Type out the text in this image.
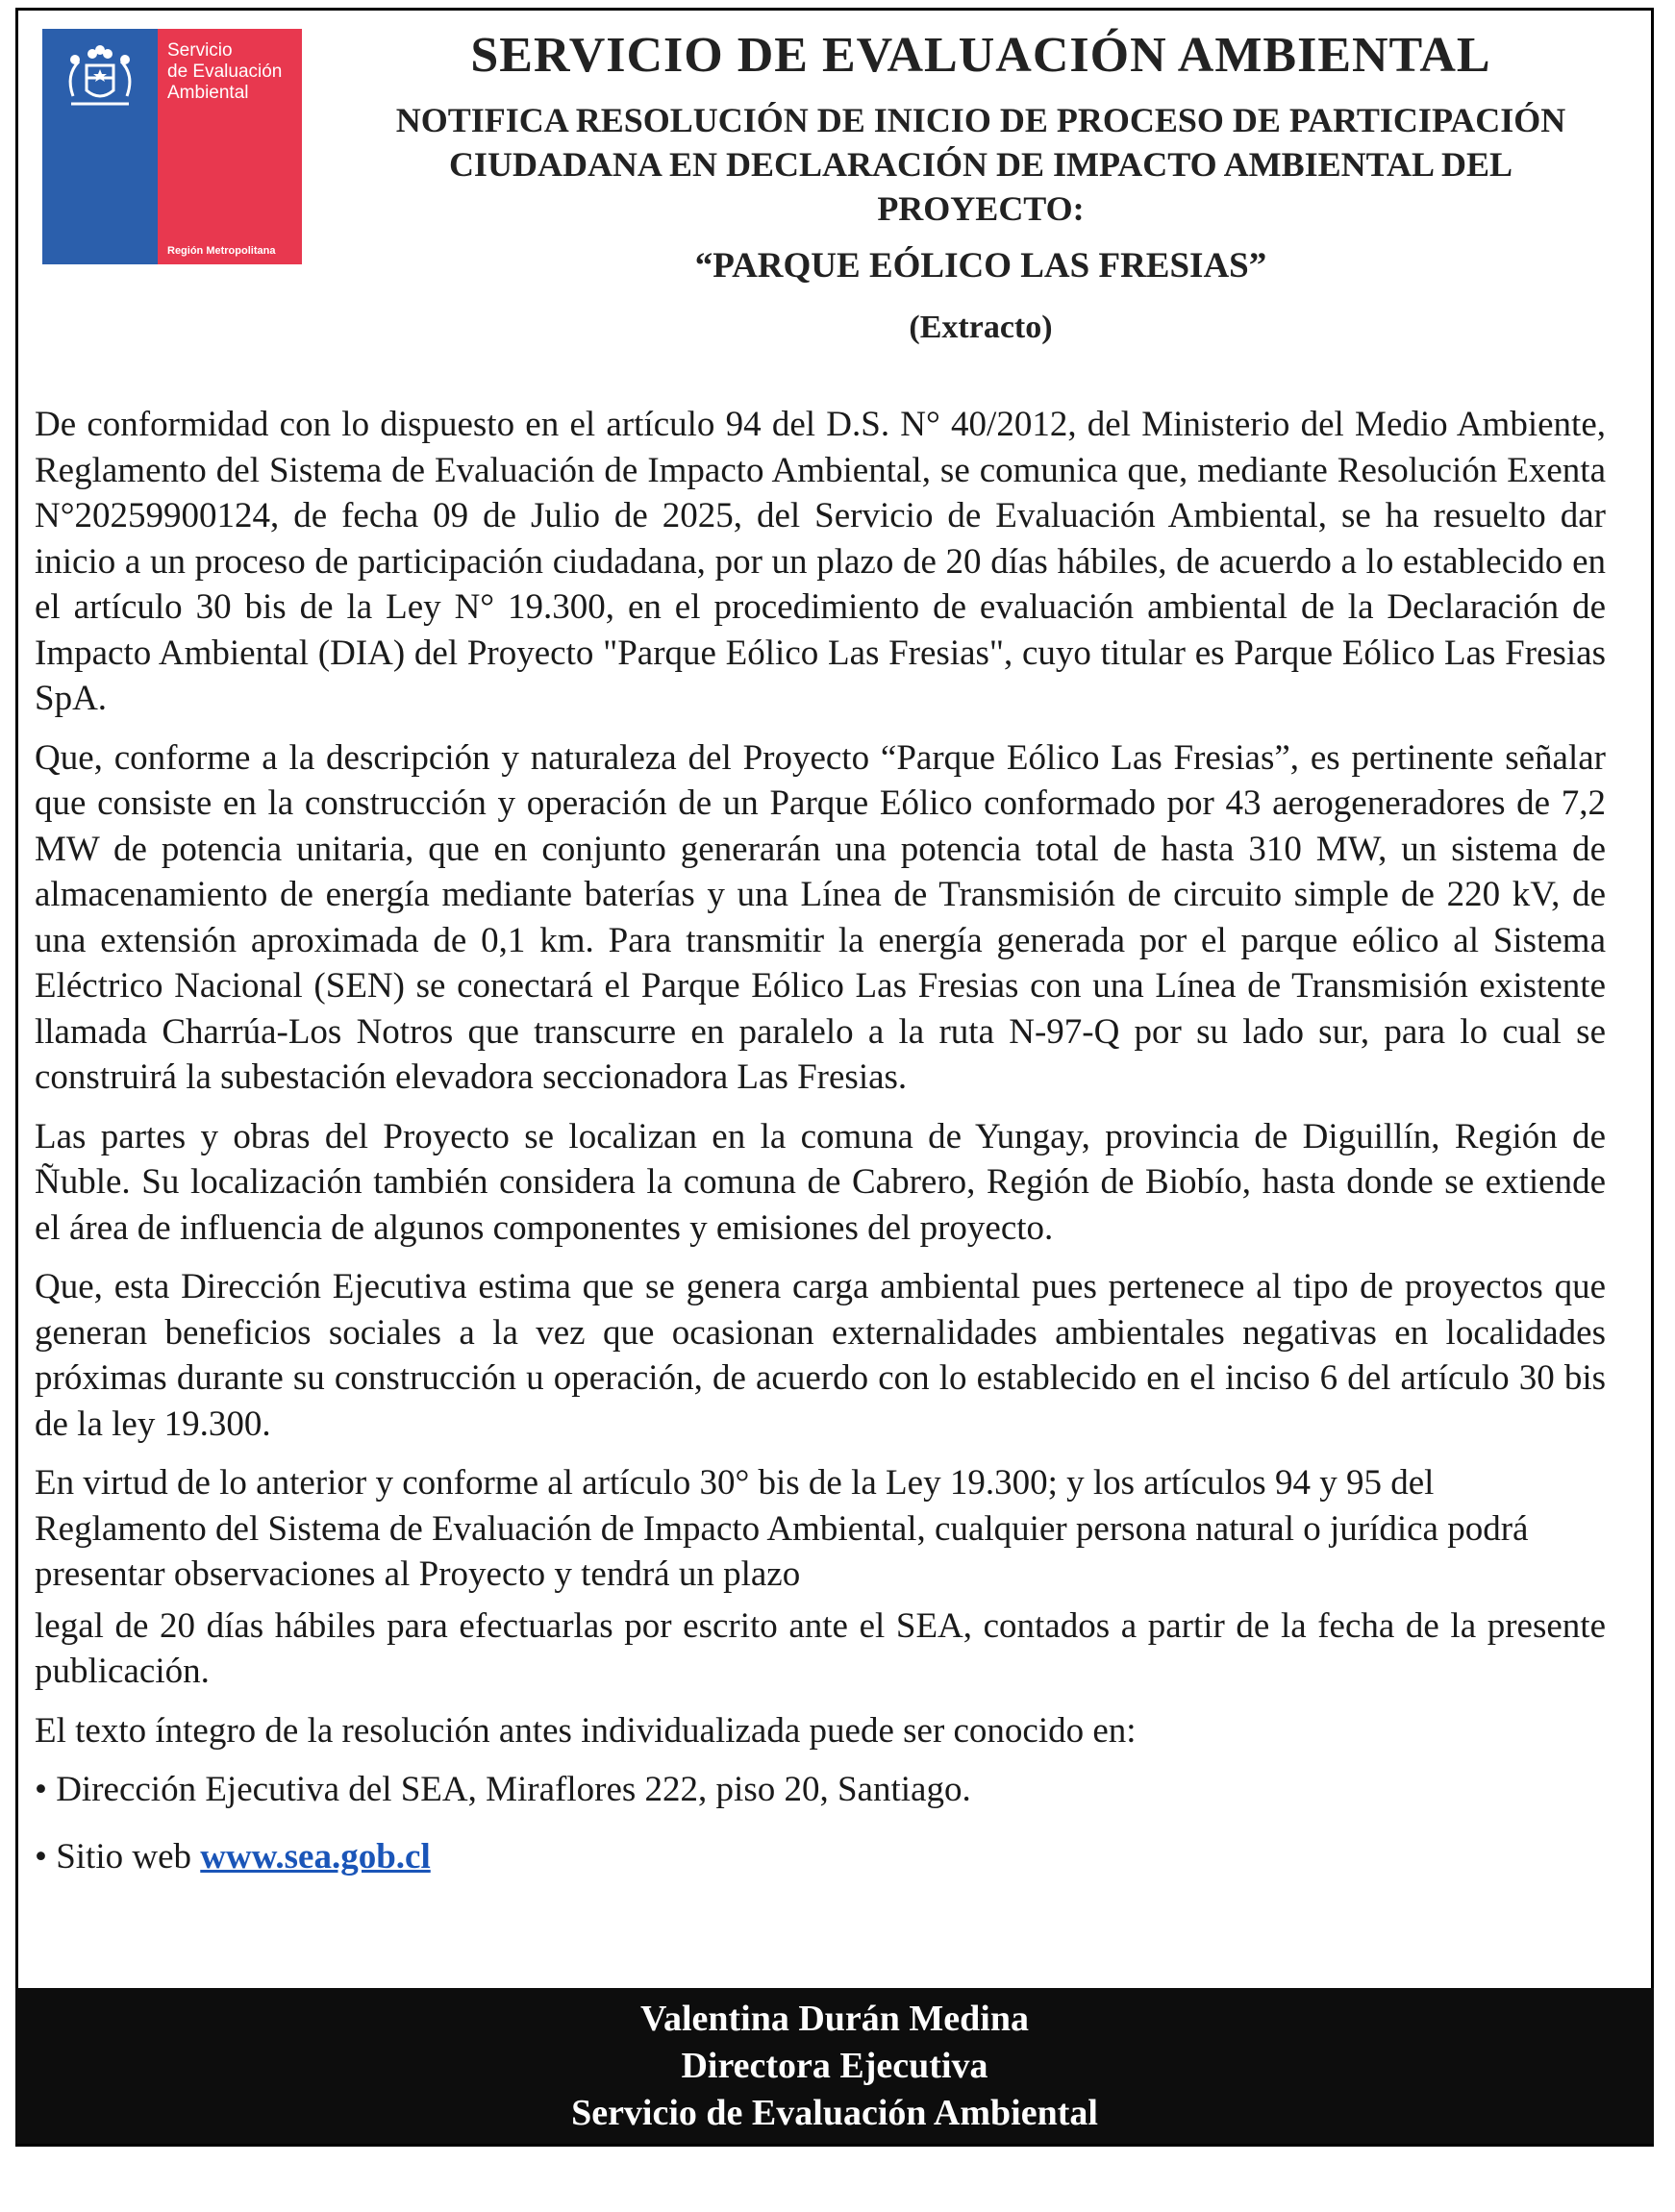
Servicio
de Evaluación
Ambiental
Región Metropolitana
SERVICIO DE EVALUACIÓN AMBIENTAL
NOTIFICA RESOLUCIÓN DE INICIO DE PROCESO DE PARTICIPACIÓN
CIUDADANA EN DECLARACIÓN DE IMPACTO AMBIENTAL DEL
PROYECTO:
“PARQUE EÓLICO LAS FRESIAS”
(Extracto)

De conformidad con lo dispuesto en el artículo 94 del D.S. N° 40/2012, del Ministerio del Medio Ambiente, Reglamento del Sistema de Evaluación de Impacto Ambiental, se comunica que, mediante Resolución Exenta N°20259900124, de fecha 09 de Julio de 2025, del Servicio de Evaluación Ambiental, se ha resuelto dar inicio a un proceso de participación ciudadana, por un plazo de 20 días hábiles, de acuerdo a lo establecido en el artículo 30 bis de la Ley N° 19.300, en el procedimiento de evaluación ambiental de la Declaración de Impacto Ambiental (DIA) del Proyecto "Parque Eólico Las Fresias", cuyo titular es Parque Eólico Las Fresias SpA.

Que, conforme a la descripción y naturaleza del Proyecto “Parque Eólico Las Fresias”, es pertinente señalar que consiste en la construcción y operación de un Parque Eólico conformado por 43 aerogeneradores de 7,2 MW de potencia unitaria, que en conjunto generarán una potencia total de hasta 310 MW, un sistema de almacenamiento de energía mediante baterías y una Línea de Transmisión de circuito simple de 220 kV, de una extensión aproximada de 0,1 km. Para transmitir la energía generada por el parque eólico al Sistema Eléctrico Nacional (SEN) se conectará el Parque Eólico Las Fresias con una Línea de Transmisión existente llamada Charrúa-Los Notros que transcurre en paralelo a la ruta N-97-Q por su lado sur, para lo cual se construirá la subestación elevadora seccionadora Las Fresias.

Las partes y obras del Proyecto se localizan en la comuna de Yungay, provincia de Diguillín, Región de Ñuble. Su localización también considera la comuna de Cabrero, Región de Biobío, hasta donde se extiende el área de influencia de algunos componentes y emisiones del proyecto.

Que, esta Dirección Ejecutiva estima que se genera carga ambiental pues pertenece al tipo de proyectos que generan beneficios sociales a la vez que ocasionan externalidades ambientales negativas en localidades próximas durante su construcción u operación, de acuerdo con lo establecido en el inciso 6 del artículo 30 bis de la ley 19.300.

En virtud de lo anterior y conforme al artículo 30° bis de la Ley 19.300; y los artículos 94 y 95 del Reglamento del Sistema de Evaluación de Impacto Ambiental, cualquier persona natural o jurídica podrá presentar observaciones al Proyecto y tendrá un plazo

legal de 20 días hábiles para efectuarlas por escrito ante el SEA, contados a partir de la fecha de la presente publicación.

El texto íntegro de la resolución antes individualizada puede ser conocido en:

• Dirección Ejecutiva del SEA, Miraflores 222, piso 20, Santiago.
• Sitio web www.sea.gob.cl
Valentina Durán Medina
Directora Ejecutiva
Servicio de Evaluación Ambiental
